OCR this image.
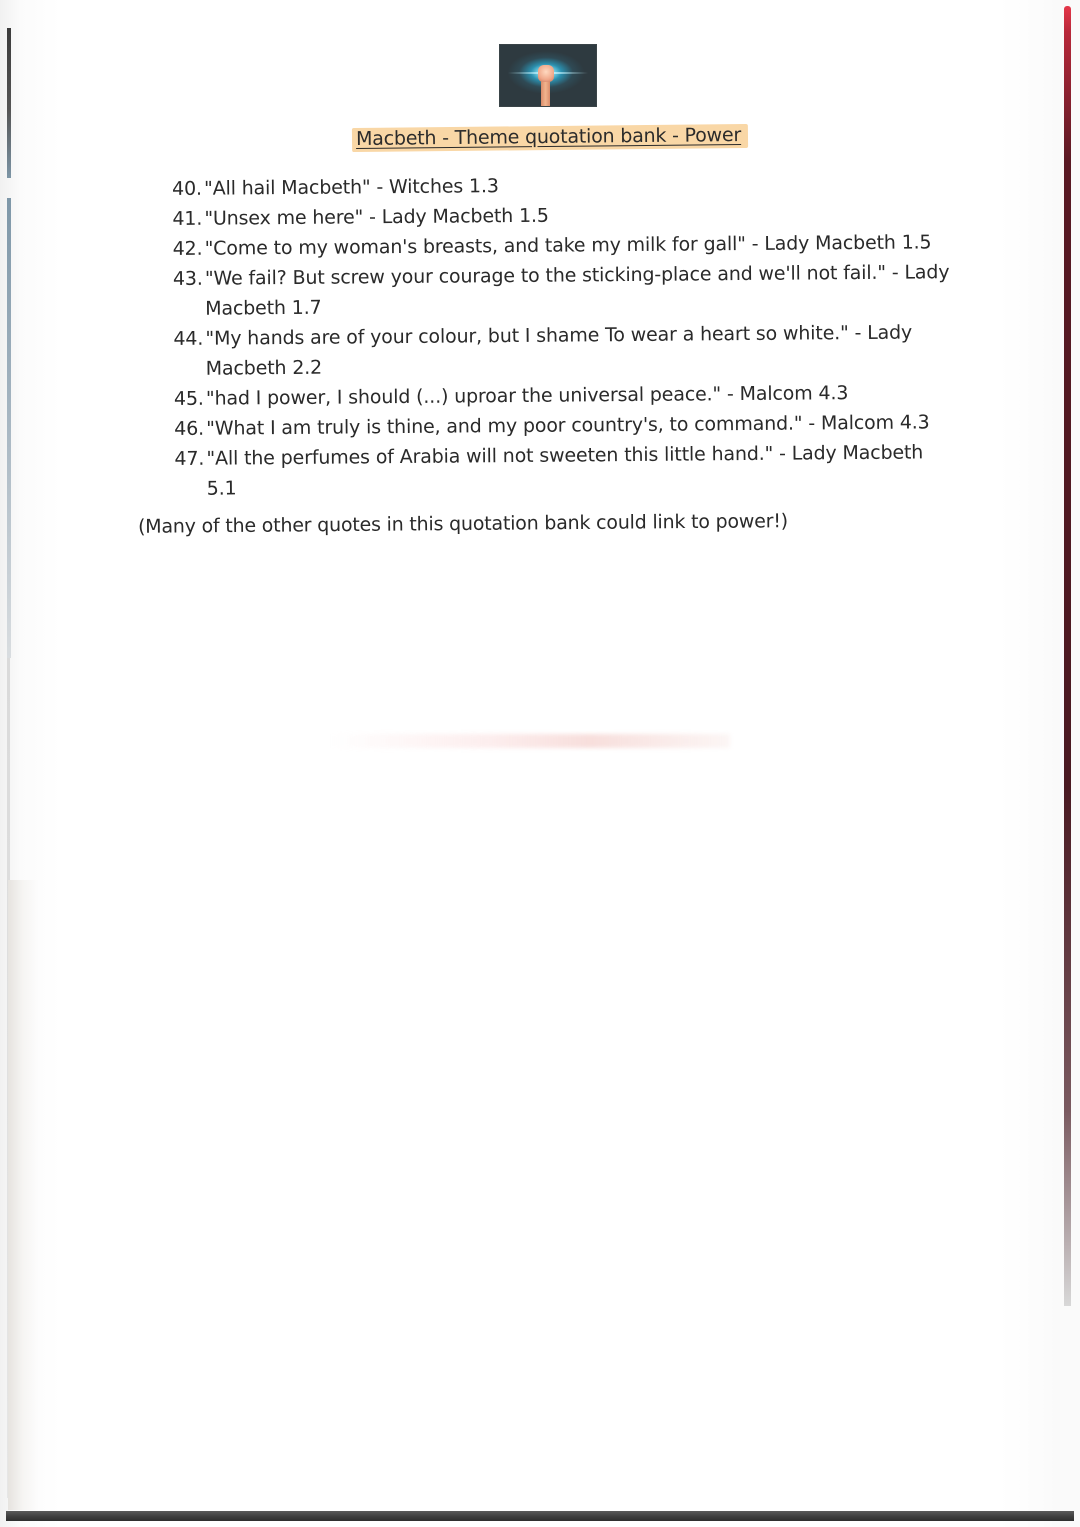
Macbeth - Theme quotation bank - Power
40. "All hail Macbeth" - Witches 1.3
41. "Unsex me here" - Lady Macbeth 1.5
42. "Come to my woman's breasts, and take my milk for gall" - Lady Macbeth 1.5
43. "We fail? But screw your courage to the sticking-place and we'll not fail." - Lady Macbeth 1.7
44. "My hands are of your colour, but I shame To wear a heart so white." - Lady Macbeth 2.2
45. "had I power, I should (...) uproar the universal peace." - Malcom 4.3
46. "What I am truly is thine, and my poor country's, to command." - Malcom 4.3
47. "All the perfumes of Arabia will not sweeten this little hand." - Lady Macbeth 5.1
(Many of the other quotes in this quotation bank could link to power!)
